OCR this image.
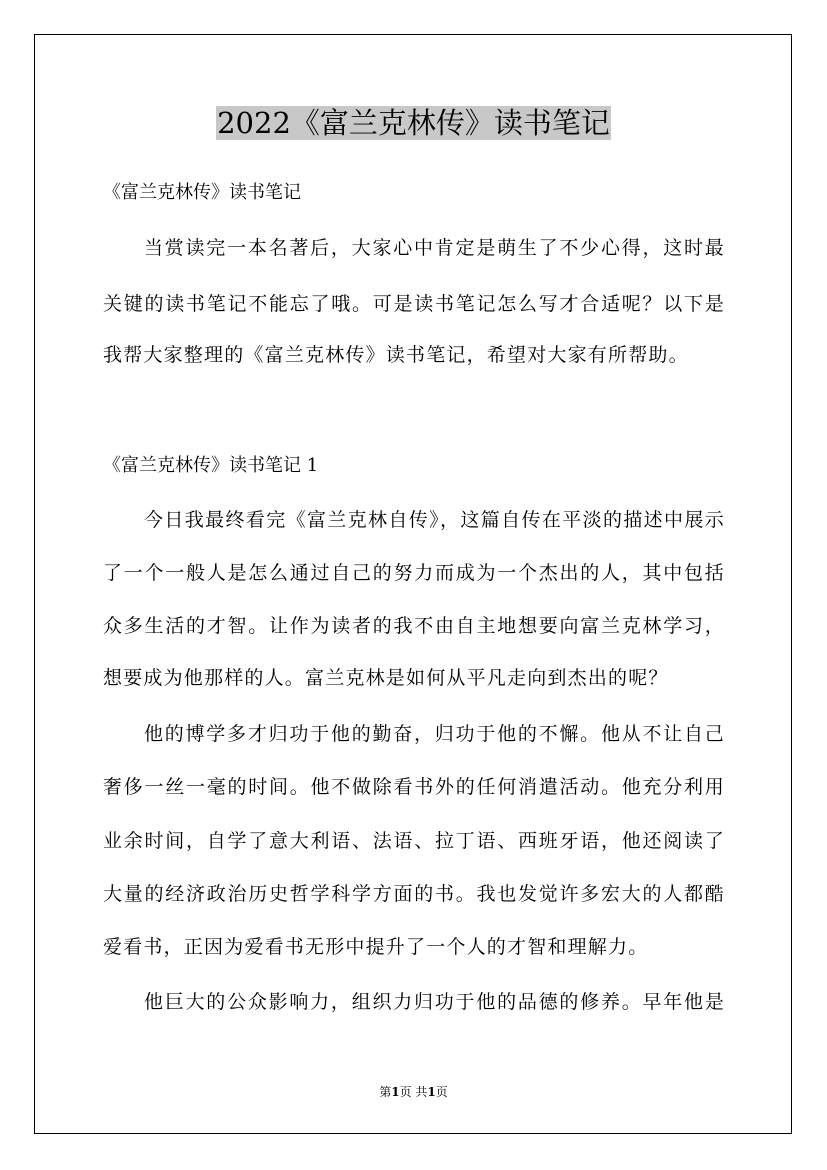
2022《富兰克林传》读书笔记
《富兰克林传》读书笔记
当赏读完一本名著后，大家心中肯定是萌生了不少心得，这时最
关键的读书笔记不能忘了哦。可是读书笔记怎么写才合适呢？以下是
我帮大家整理的《富兰克林传》读书笔记，希望对大家有所帮助。
《富兰克林传》读书笔记 1
今日我最终看完《富兰克林自传》，这篇自传在平淡的描述中展示
了一个一般人是怎么通过自己的努力而成为一个杰出的人，其中包括
众多生活的才智。让作为读者的我不由自主地想要向富兰克林学习，
想要成为他那样的人。富兰克林是如何从平凡走向到杰出的呢？
他的博学多才归功于他的勤奋，归功于他的不懈。他从不让自己
奢侈一丝一毫的时间。他不做除看书外的任何消遣活动。他充分利用
业余时间，自学了意大利语、法语、拉丁语、西班牙语，他还阅读了
大量的经济政治历史哲学科学方面的书。我也发觉许多宏大的人都酷
爱看书，正因为爱看书无形中提升了一个人的才智和理解力。
他巨大的公众影响力，组织力归功于他的品德的修养。早年他是
第1页 共1页
